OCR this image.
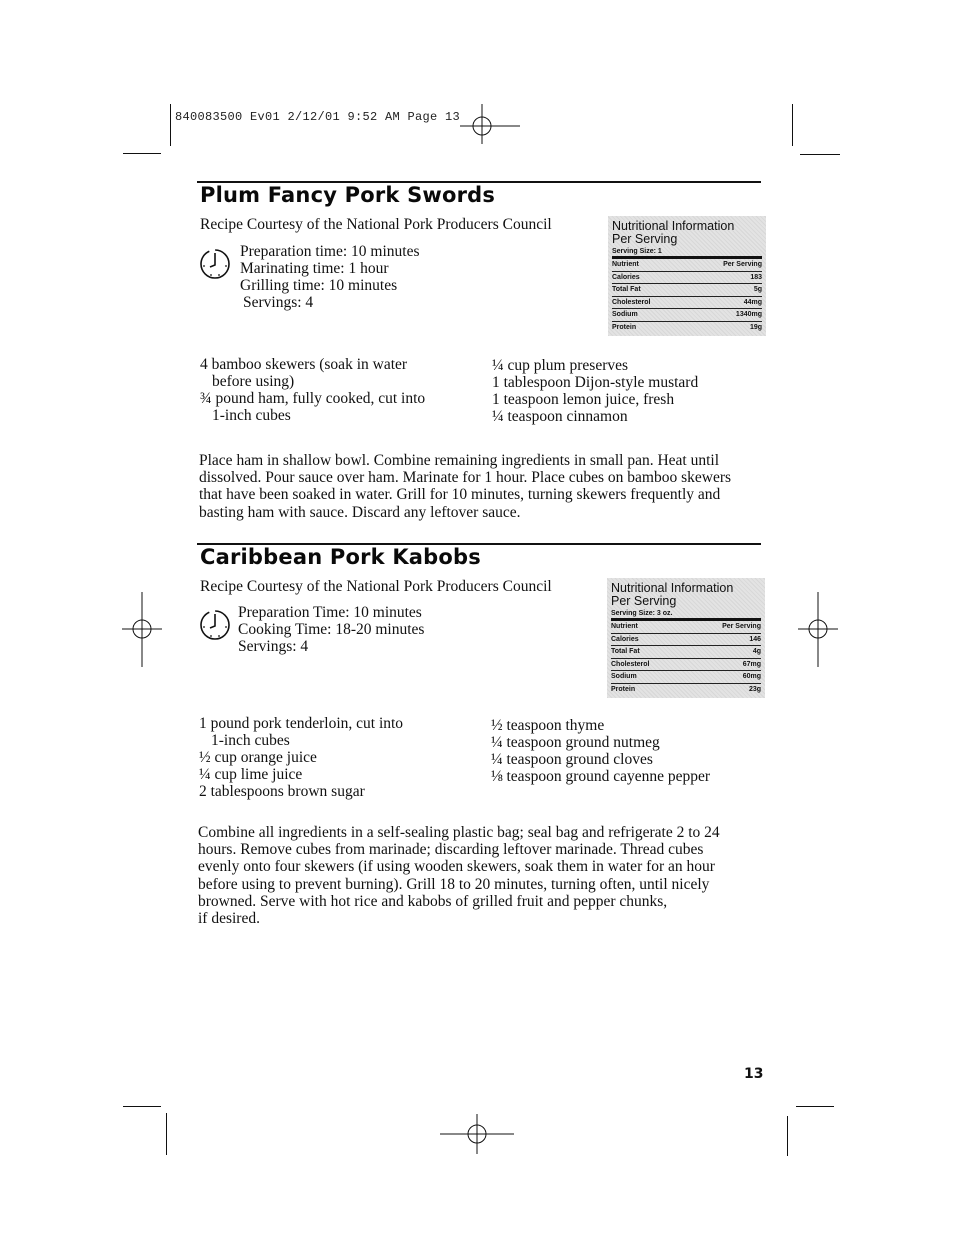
840083500 Ev01 2/12/01 9:52 AM Page 13
Plum Fancy Pork Swords
Recipe Courtesy of the National Pork Producers Council
Preparation time: 10 minutes
Marinating time: 1 hour
Grilling time: 10 minutes
Servings: 4
Nutritional Information
Per Serving
Serving Size: 1
Nutrient	Per Serving
Calories	183
Total Fat	5g
Cholesterol	44mg
Sodium	1340mg
Protein	19g
4 bamboo skewers (soak in water
before using)
¾ pound ham, fully cooked, cut into
1-inch cubes
¼ cup plum preserves
1 tablespoon Dijon-style mustard
1 teaspoon lemon juice, fresh
¼ teaspoon cinnamon
Place ham in shallow bowl. Combine remaining ingredients in small pan. Heat until
dissolved. Pour sauce over ham. Marinate for 1 hour. Place cubes on bamboo skewers
that have been soaked in water. Grill for 10 minutes, turning skewers frequently and
basting ham with sauce. Discard any leftover sauce.
Caribbean Pork Kabobs
Recipe Courtesy of the National Pork Producers Council
Preparation Time: 10 minutes
Cooking Time: 18-20 minutes
Servings: 4
Nutritional Information
Per Serving
Serving Size: 3 oz.
Nutrient	Per Serving
Calories	146
Total Fat	4g
Cholesterol	67mg
Sodium	60mg
Protein	23g
1 pound pork tenderloin, cut into
1-inch cubes
½ cup orange juice
¼ cup lime juice
2 tablespoons brown sugar
½ teaspoon thyme
¼ teaspoon ground nutmeg
¼ teaspoon ground cloves
⅛ teaspoon ground cayenne pepper
Combine all ingredients in a self-sealing plastic bag; seal bag and refrigerate 2 to 24
hours. Remove cubes from marinade; discarding leftover marinade. Thread cubes
evenly onto four skewers (if using wooden skewers, soak them in water for an hour
before using to prevent burning). Grill 18 to 20 minutes, turning often, until nicely
browned. Serve with hot rice and kabobs of grilled fruit and pepper chunks,
if desired.
13
